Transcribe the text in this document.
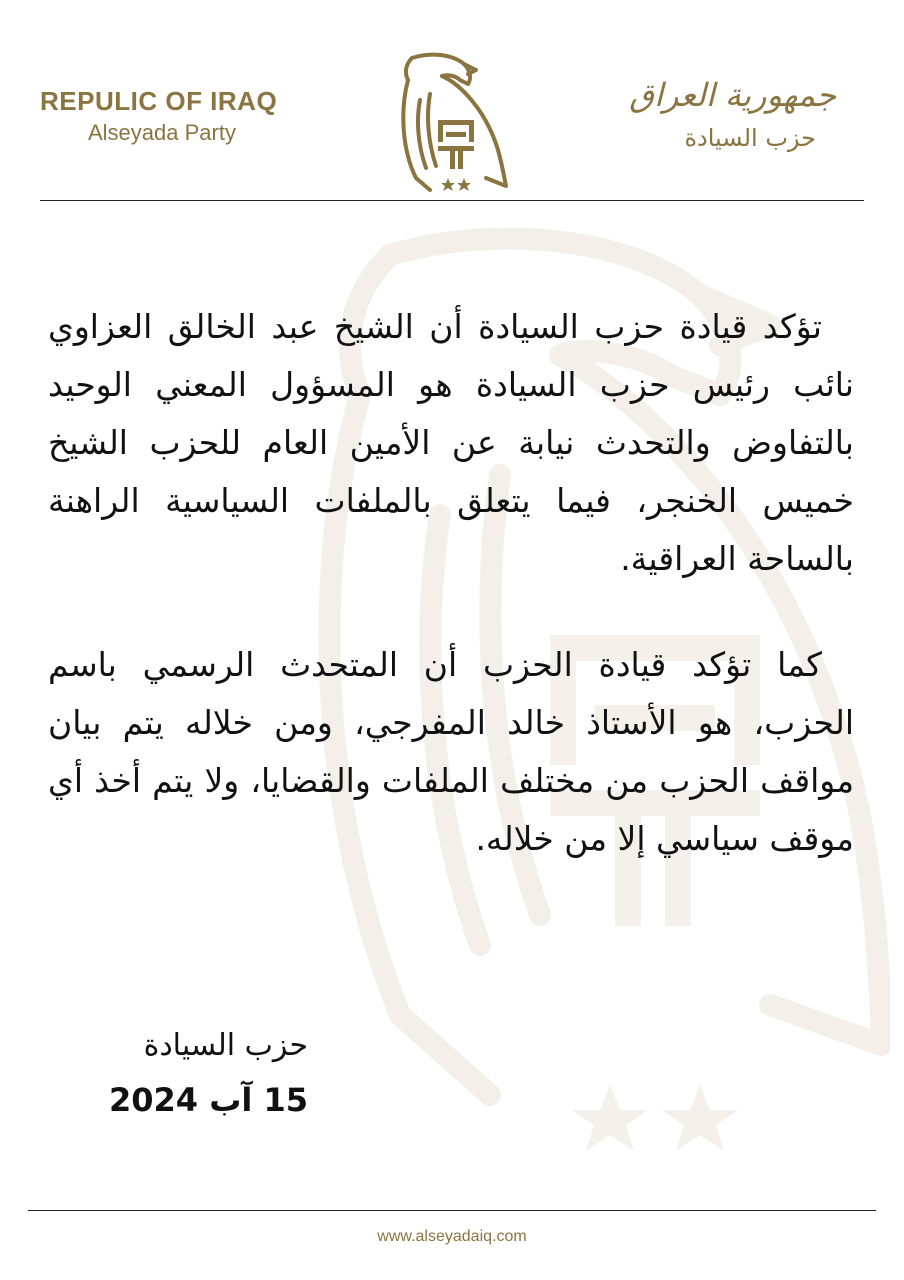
REPULIC OF IRAQ
Alseyada Party
جمهورية العراق
حزب السيادة

تؤكد قيادة حزب السيادة أن الشيخ عبد الخالق العزاوي نائب رئيس حزب السيادة هو المسؤول المعني الوحيد بالتفاوض والتحدث نيابة عن الأمين العام للحزب الشيخ خميس الخنجر، فيما يتعلق بالملفات السياسية الراهنة بالساحة العراقية.

كما تؤكد قيادة الحزب أن المتحدث الرسمي باسم الحزب، هو الأستاذ خالد المفرجي، ومن خلاله يتم بيان مواقف الحزب من مختلف الملفات والقضايا، ولا يتم أخذ أي موقف سياسي إلا من خلاله.

حزب السيادة
15 آب 2024
www.alseyadaiq.com
